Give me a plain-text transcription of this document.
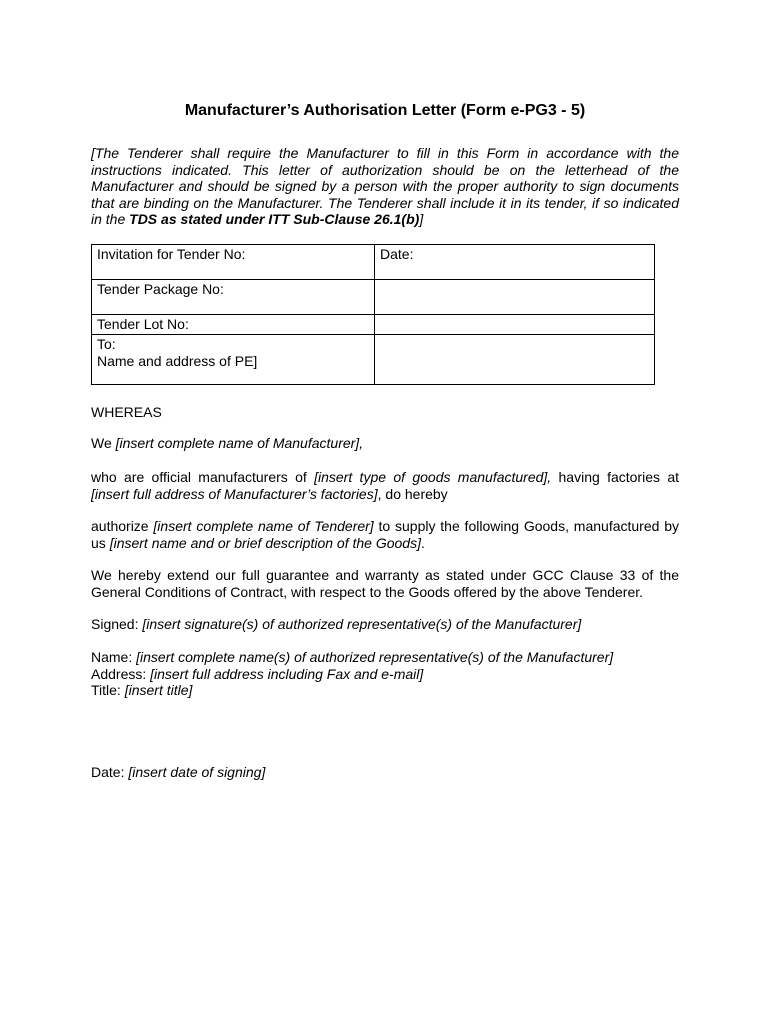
Manufacturer’s Authorisation Letter (Form e-PG3 - 5)
[The Tenderer shall require the Manufacturer to fill in this Form in accordance with the instructions indicated. This letter of authorization should be on the letterhead of the Manufacturer and should be signed by a person with the proper authority to sign documents that are binding on the Manufacturer. The Tenderer shall include it in its tender, if so indicated in the TDS as stated under ITT Sub-Clause 26.1(b)]
Invitation for Tender No:	Date:
Tender Package No:	
Tender Lot No:	
To:
Name and address of PE]	
WHEREAS
We [insert complete name of Manufacturer],
who are official manufacturers of [insert type of goods manufactured], having factories at [insert full address of Manufacturer’s factories], do hereby
authorize [insert complete name of Tenderer] to supply the following Goods, manufactured by us [insert name and or brief description of the Goods].
We hereby extend our full guarantee and warranty as stated under GCC Clause 33 of the General Conditions of Contract, with respect to the Goods offered by the above Tenderer.
Signed: [insert signature(s) of authorized representative(s) of the Manufacturer]
Name: [insert complete name(s) of authorized representative(s) of the Manufacturer]
Address: [insert full address including Fax and e-mail]
Title: [insert title]
Date: [insert date of signing]
